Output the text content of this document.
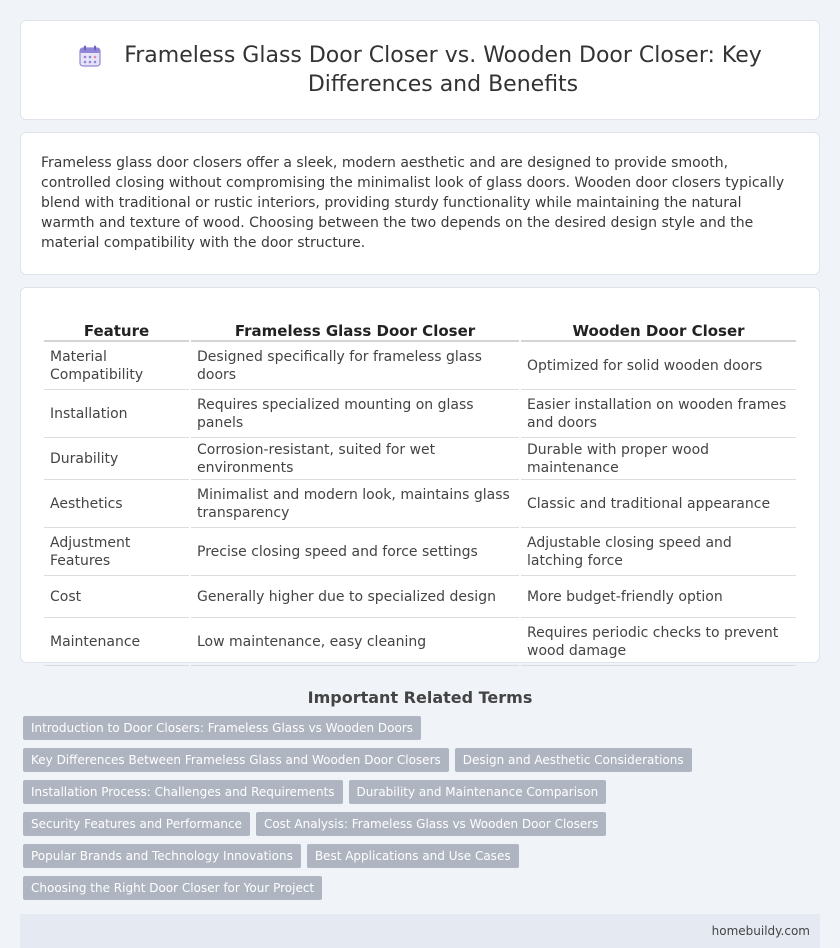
Frameless Glass Door Closer vs. Wooden Door Closer: Key
Differences and Benefits

Frameless glass door closers offer a sleek, modern aesthetic and are designed to provide smooth, controlled closing without compromising the minimalist look of glass doors. Wooden door closers typically blend with traditional or rustic interiors, providing sturdy functionality while maintaining the natural warmth and texture of wood. Choosing between the two depends on the desired design style and the material compatibility with the door structure.

Feature	Frameless Glass Door Closer	Wooden Door Closer
Material Compatibility	Designed specifically for frameless glass doors	Optimized for solid wooden doors
Installation	Requires specialized mounting on glass panels	Easier installation on wooden frames and doors
Durability	Corrosion-resistant, suited for wet environments	Durable with proper wood maintenance
Aesthetics	Minimalist and modern look, maintains glass transparency	Classic and traditional appearance
Adjustment Features	Precise closing speed and force settings	Adjustable closing speed and latching force
Cost	Generally higher due to specialized design	More budget-friendly option
Maintenance	Low maintenance, easy cleaning	Requires periodic checks to prevent wood damage
Important Related Terms
Introduction to Door Closers: Frameless Glass vs Wooden Doors
Key Differences Between Frameless Glass and Wooden Door Closers	Design and Aesthetic Considerations
Installation Process: Challenges and Requirements	Durability and Maintenance Comparison
Security Features and Performance	Cost Analysis: Frameless Glass vs Wooden Door Closers
Popular Brands and Technology Innovations	Best Applications and Use Cases
Choosing the Right Door Closer for Your Project
homebuildy.com
